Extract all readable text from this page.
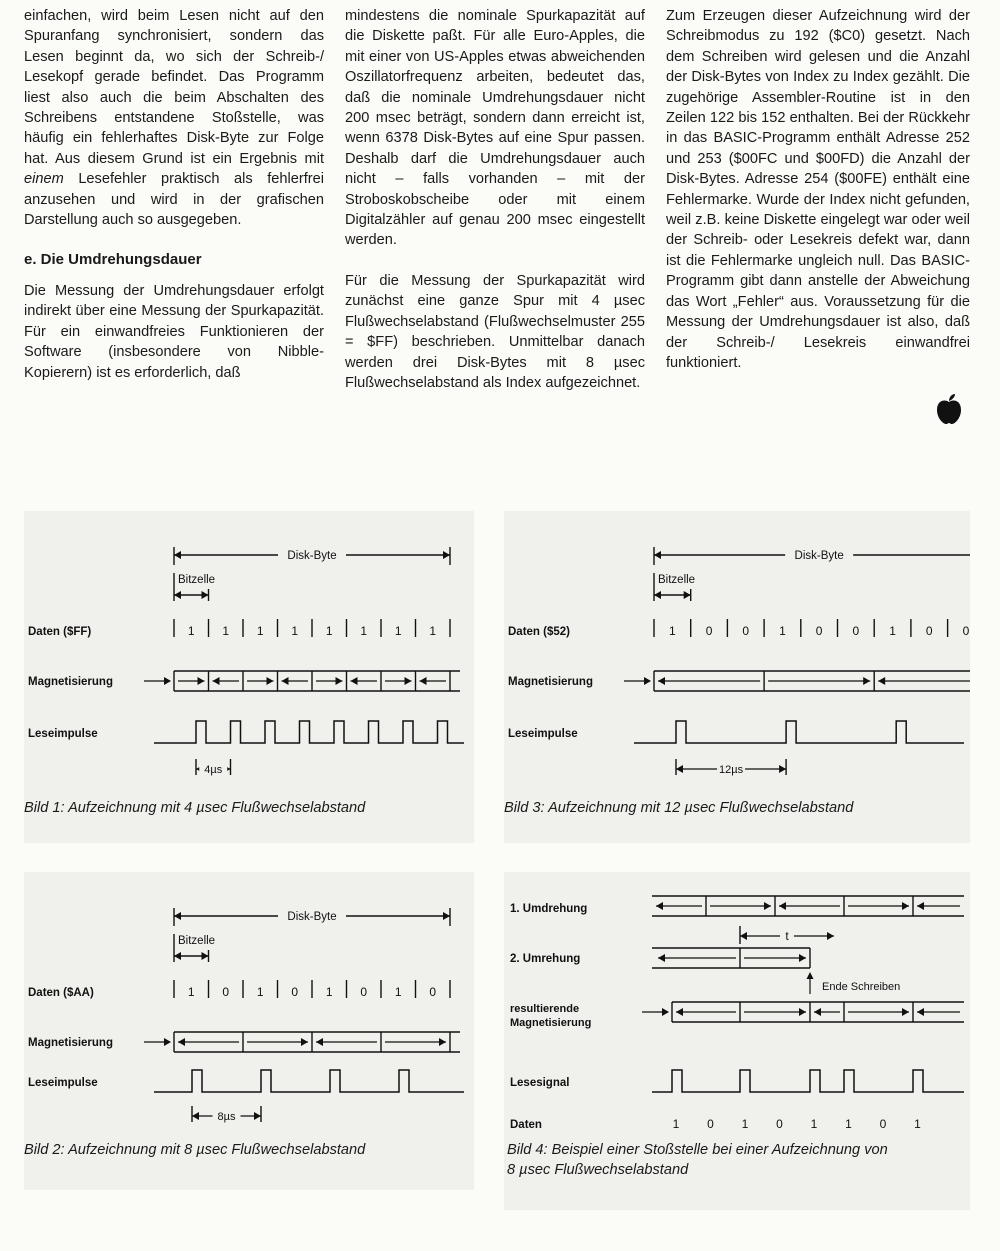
einfachen, wird beim Lesen nicht auf den Spuranfang synchronisiert, sondern das Lesen beginnt da, wo sich der Schreib-/ Lesekopf gerade befindet. Das Programm liest also auch die beim Abschalten des Schreibens entstandene Stoßstelle, was häufig ein fehlerhaftes Disk-Byte zur Folge hat. Aus diesem Grund ist ein Ergebnis mit einem Lesefehler praktisch als fehlerfrei anzusehen und wird in der grafischen Darstellung auch so ausgegeben.

e. Die Umdrehungsdauer

Die Messung der Umdrehungsdauer erfolgt indirekt über eine Messung der Spurkapazität. Für ein einwandfreies Funktionieren der Software (insbesondere von Nibble-Kopierern) ist es erforderlich, daß

mindestens die nominale Spurkapazität auf die Diskette paßt. Für alle Euro-Apples, die mit einer von US-Apples etwas abweichenden Oszillatorfrequenz arbeiten, bedeutet das, daß die nominale Umdrehungsdauer nicht 200 msec beträgt, sondern dann erreicht ist, wenn 6378 Disk-Bytes auf eine Spur passen. Deshalb darf die Umdrehungsdauer auch nicht – falls vorhanden – mit der Stroboskobscheibe oder mit einem Digitalzähler auf genau 200 msec eingestellt werden.

Für die Messung der Spurkapazität wird zunächst eine ganze Spur mit 4 µsec Flußwechselabstand (Flußwechselmuster 255 = $FF) beschrieben. Unmittelbar danach werden drei Disk-Bytes mit 8 µsec Flußwechselabstand als Index aufgezeichnet.

Zum Erzeugen dieser Aufzeichnung wird der Schreibmodus zu 192 ($C0) gesetzt. Nach dem Schreiben wird gelesen und die Anzahl der Disk-Bytes von Index zu Index gezählt. Die zugehörige Assembler-Routine ist in den Zeilen 122 bis 152 enthalten. Bei der Rückkehr in das BASIC-Programm enthält Adresse 252 und 253 ($00FC und $00FD) die Anzahl der Disk-Bytes. Adresse 254 ($00FE) enthält eine Fehlermarke. Wurde der Index nicht gefunden, weil z.B. keine Diskette eingelegt war oder weil der Schreib- oder Lesekreis defekt war, dann ist die Fehlermarke ungleich null. Das BASIC-Programm gibt dann anstelle der Abweichung das Wort „Fehler“ aus. Voraussetzung für die Messung der Umdrehungsdauer ist also, daß der Schreib-/ Lesekreis einwandfrei funktioniert.

Disk-Byte
Bitzelle
Daten ($FF)	1 1 1 1 1 1 1 1
Magnetisierung
Leseimpulse
4µs
Disk-Byte
Bitzelle
Daten ($52)	1	0	0	1	0	0	1	0	0
Magnetisierung
Leseimpulse
12µs
Disk-Byte
Bitzelle
Daten ($AA)	1 0 1 0 1 0 1 0
Magnetisierung
Leseimpulse
8µs
1. Umdrehung
t
2. Umrehung
Ende Schreiben
resultierende
Magnetisierung
Lesesignal
Daten	1 0 1 0 1 1 0 1
Bild 1: Aufzeichnung mit 4 µsec Flußwechselabstand	Bild 3: Aufzeichnung mit 12 µsec Flußwechselabstand
Bild 2: Aufzeichnung mit 8 µsec Flußwechselabstand	Bild 4: Beispiel einer Stoßstelle bei einer Aufzeichnung von
8 µsec Flußwechselabstand
